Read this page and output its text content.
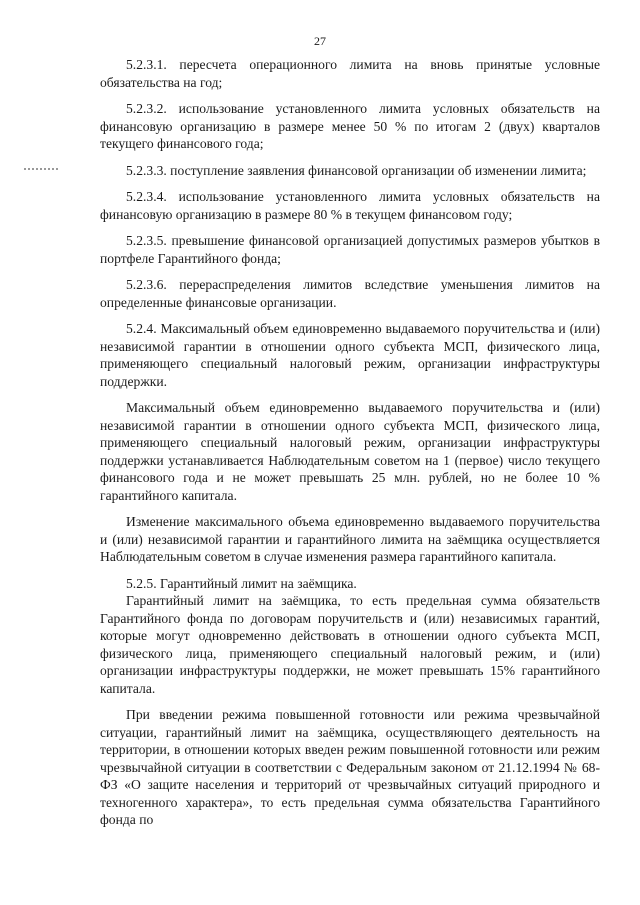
27

5.2.3.1. пересчета операционного лимита на вновь принятые условные обязательства на год;

5.2.3.2. использование установленного лимита условных обязательств на финансовую организацию в размере менее 50 % по итогам 2 (двух) кварталов текущего финансового года;

5.2.3.3. поступление заявления финансовой организации об изменении лимита;

5.2.3.4. использование установленного лимита условных обязательств на финансовую организацию в размере 80 % в текущем финансовом году;

5.2.3.5. превышение финансовой организацией допустимых размеров убытков в портфеле Гарантийного фонда;

5.2.3.6. перераспределения лимитов вследствие уменьшения лимитов на определенные финансовые организации.

5.2.4. Максимальный объем единовременно выдаваемого поручительства и (или) независимой гарантии в отношении одного субъекта МСП, физического лица, применяющего специальный налоговый режим, организации инфраструктуры поддержки.

Максимальный объем единовременно выдаваемого поручительства и (или) независимой гарантии в отношении одного субъекта МСП, физического лица, применяющего специальный налоговый режим, организации инфраструктуры поддержки устанавливается Наблюдательным советом на 1 (первое) число текущего финансового года и не может превышать 25 млн. рублей, но не более 10 % гарантийного капитала.

Изменение максимального объема единовременно выдаваемого поручительства и (или) независимой гарантии и гарантийного лимита на заёмщика осуществляется Наблюдательным советом в случае изменения размера гарантийного капитала.

5.2.5. Гарантийный лимит на заёмщика.

Гарантийный лимит на заёмщика, то есть предельная сумма обязательств Гарантийного фонда по договорам поручительств и (или) независимых гарантий, которые могут одновременно действовать в отношении одного субъекта МСП, физического лица, применяющего специальный налоговый режим, и (или) организации инфраструктуры поддержки, не может превышать 15% гарантийного капитала.

При введении режима повышенной готовности или режима чрезвычайной ситуации, гарантийный лимит на заёмщика, осуществляющего деятельность на территории, в отношении которых введен режим повышенной готовности или режим чрезвычайной ситуации в соответствии с Федеральным законом от 21.12.1994 № 68-ФЗ «О защите населения и территорий от чрезвычайных ситуаций природного и техногенного характера», то есть предельная сумма обязательства Гарантийного фонда по
